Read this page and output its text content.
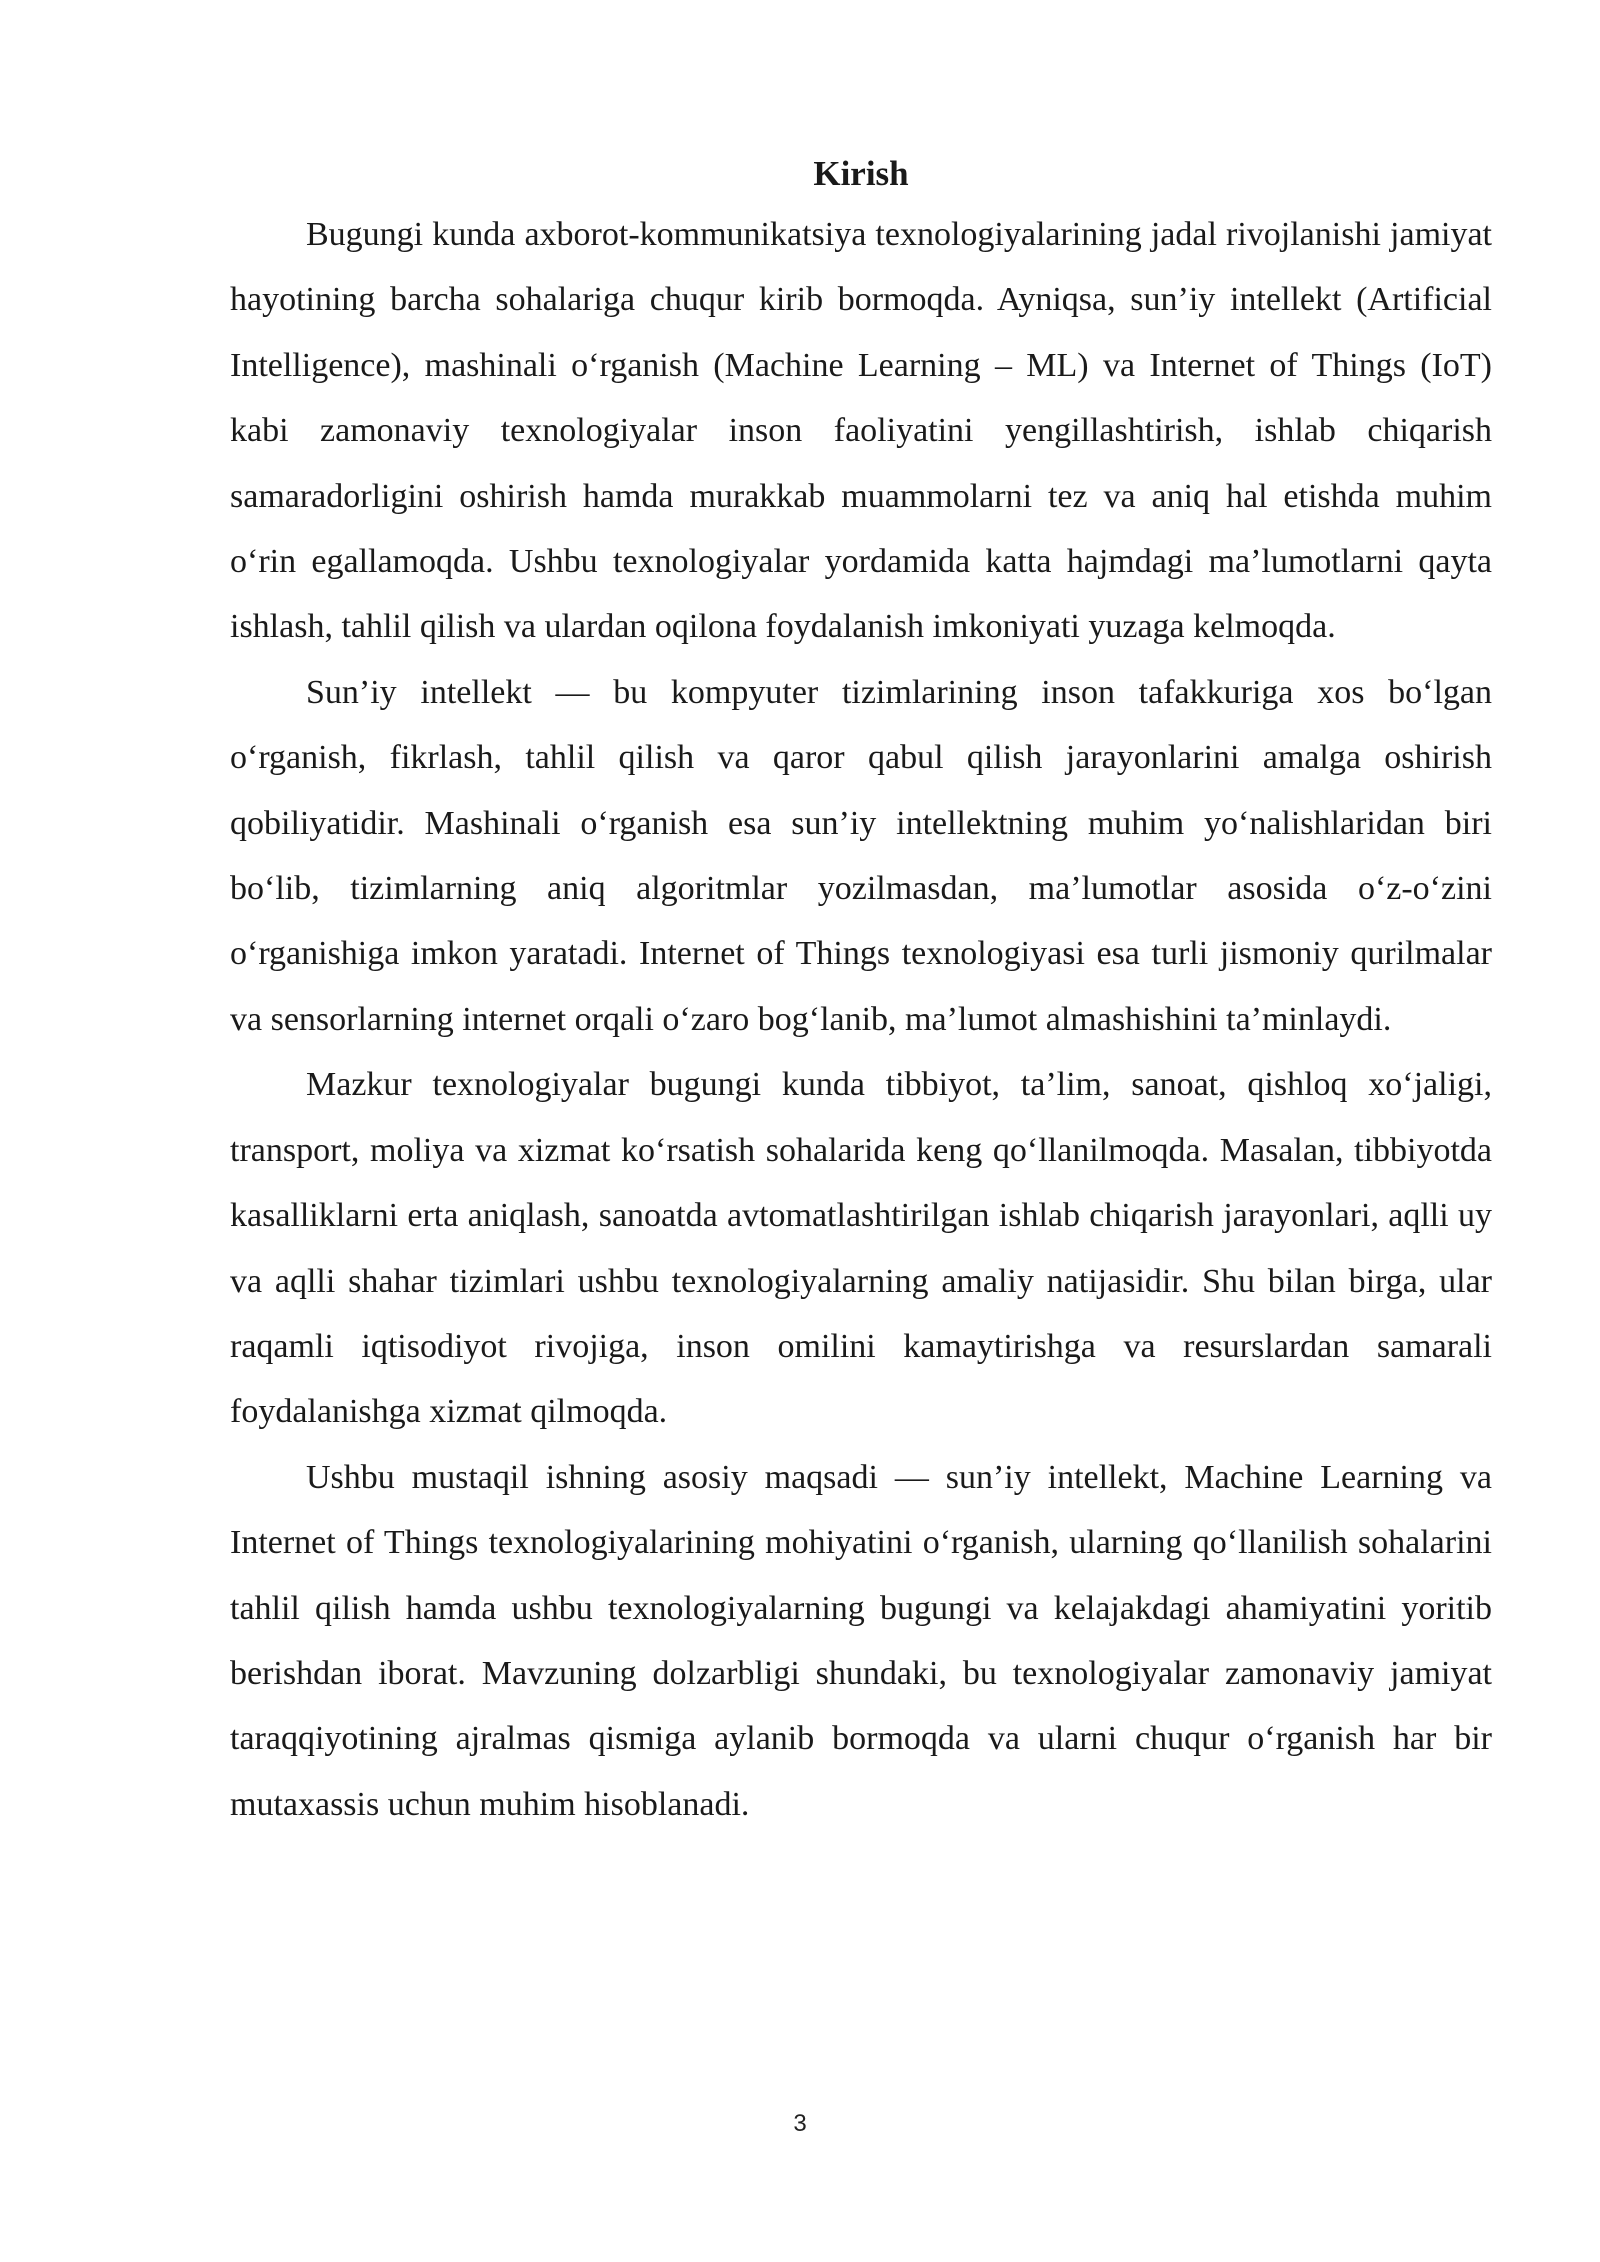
Kirish

Bugungi kunda axborot-kommunikatsiya texnologiyalarining jadal rivojlanishi jamiyat hayotining barcha sohalariga chuqur kirib bormoqda. Ayniqsa, sun’iy intellekt (Artificial Intelligence), mashinali o‘rganish (Machine Learning – ML) va Internet of Things (IoT) kabi zamonaviy texnologiyalar inson faoliyatini yengillashtirish, ishlab chiqarish samaradorligini oshirish hamda murakkab muammolarni tez va aniq hal etishda muhim o‘rin egallamoqda. Ushbu texnologiyalar yordamida katta hajmdagi ma’lumotlarni qayta ishlash, tahlil qilish va ulardan oqilona foydalanish imkoniyati yuzaga kelmoqda.

Sun’iy intellekt — bu kompyuter tizimlarining inson tafakkuriga xos bo‘lgan o‘rganish, fikrlash, tahlil qilish va qaror qabul qilish jarayonlarini amalga oshirish qobiliyatidir. Mashinali o‘rganish esa sun’iy intellektning muhim yo‘nalishlaridan biri bo‘lib, tizimlarning aniq algoritmlar yozilmasdan, ma’lumotlar asosida o‘z-o‘zini o‘rganishiga imkon yaratadi. Internet of Things texnologiyasi esa turli jismoniy qurilmalar va sensorlarning internet orqali o‘zaro bog‘lanib, ma’lumot almashishini ta’minlaydi.

Mazkur texnologiyalar bugungi kunda tibbiyot, ta’lim, sanoat, qishloq xo‘jaligi, transport, moliya va xizmat ko‘rsatish sohalarida keng qo‘llanilmoqda. Masalan, tibbiyotda kasalliklarni erta aniqlash, sanoatda avtomatlashtirilgan ishlab chiqarish jarayonlari, aqlli uy va aqlli shahar tizimlari ushbu texnologiyalarning amaliy natijasidir. Shu bilan birga, ular raqamli iqtisodiyot rivojiga, inson omilini kamaytirishga va resurslardan samarali foydalanishga xizmat qilmoqda.

Ushbu mustaqil ishning asosiy maqsadi — sun’iy intellekt, Machine Learning va Internet of Things texnologiyalarining mohiyatini o‘rganish, ularning qo‘llanilish sohalarini tahlil qilish hamda ushbu texnologiyalarning bugungi va kelajakdagi ahamiyatini yoritib berishdan iborat. Mavzuning dolzarbligi shundaki, bu texnologiyalar zamonaviy jamiyat taraqqiyotining ajralmas qismiga aylanib bormoqda va ularni chuqur o‘rganish har bir mutaxassis uchun muhim hisoblanadi.

3
